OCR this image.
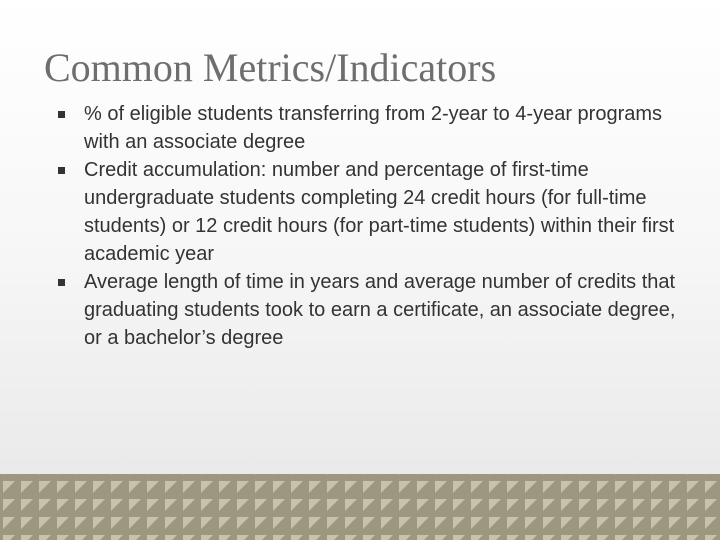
Common Metrics/Indicators
% of eligible students transferring from 2-year to 4-year programs with an associate degree
Credit accumulation: number and percentage of first-time undergraduate students completing 24 credit hours (for full-time students) or 12 credit hours (for part-time students) within their first academic year
Average length of time in years and average number of credits that graduating students took to earn a certificate, an associate degree, or a bachelor’s degree
